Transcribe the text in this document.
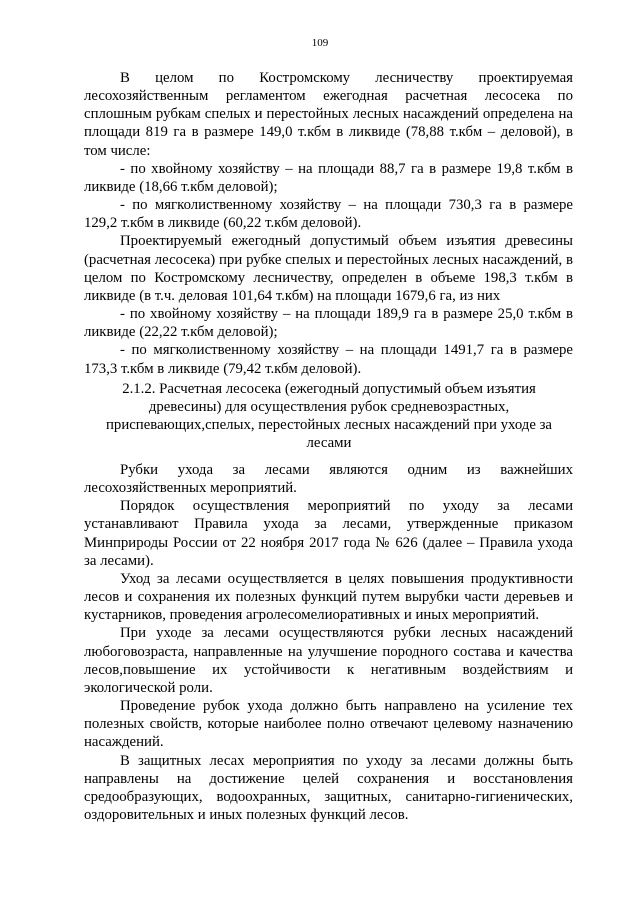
109

В целом по Костромскому лесничеству проектируемая лесохозяйственным регламентом ежегодная расчетная лесосека по сплошным рубкам спелых и перестойных лесных насаждений определена на площади 819 га в размере 149,0 т.кбм в ликвиде (78,88 т.кбм – деловой), в том числе:

- по хвойному хозяйству – на площади 88,7 га в размере 19,8 т.кбм в ликвиде (18,66 т.кбм деловой);

- по мягколиственному хозяйству – на площади 730,3 га в размере 129,2 т.кбм в ликвиде (60,22 т.кбм деловой).

Проектируемый ежегодный допустимый объем изъятия древесины (расчетная лесосека) при рубке спелых и перестойных лесных насаждений, в целом по Костромскому лесничеству, определен в объеме 198,3 т.кбм в ликвиде (в т.ч. деловая 101,64 т.кбм) на площади 1679,6 га, из них

- по хвойному хозяйству – на площади 189,9 га в размере 25,0 т.кбм в ликвиде (22,22 т.кбм деловой);

- по мягколиственному хозяйству – на площади 1491,7 га в размере 173,3 т.кбм в ликвиде (79,42 т.кбм деловой).

2.1.2. Расчетная лесосека (ежегодный допустимый объем изъятия

древесины) для осуществления рубок средневозрастных,

приспевающих,спелых, перестойных лесных насаждений при уходе за

лесами

Рубки ухода за лесами являются одним из важнейших лесохозяйственных мероприятий.

Порядок осуществления мероприятий по уходу за лесами устанавливают Правила ухода за лесами, утвержденные приказом Минприроды России от 22 ноября 2017 года № 626 (далее – Правила ухода за лесами).

Уход за лесами осуществляется в целях повышения продуктивности лесов и сохранения их полезных функций путем вырубки части деревьев и кустарников, проведения агролесомелиоративных и иных мероприятий.

При уходе за лесами осуществляются рубки лесных насаждений любоговозраста, направленные на улучшение породного состава и качества лесов,повышение их устойчивости к негативным воздействиям и экологической роли.

Проведение рубок ухода должно быть направлено на усиление тех полезных свойств, которые наиболее полно отвечают целевому назначению насаждений.

В защитных лесах мероприятия по уходу за лесами должны быть направлены на достижение целей сохранения и восстановления средообразующих, водоохранных, защитных, санитарно-гигиенических, оздоровительных и иных полезных функций лесов.
